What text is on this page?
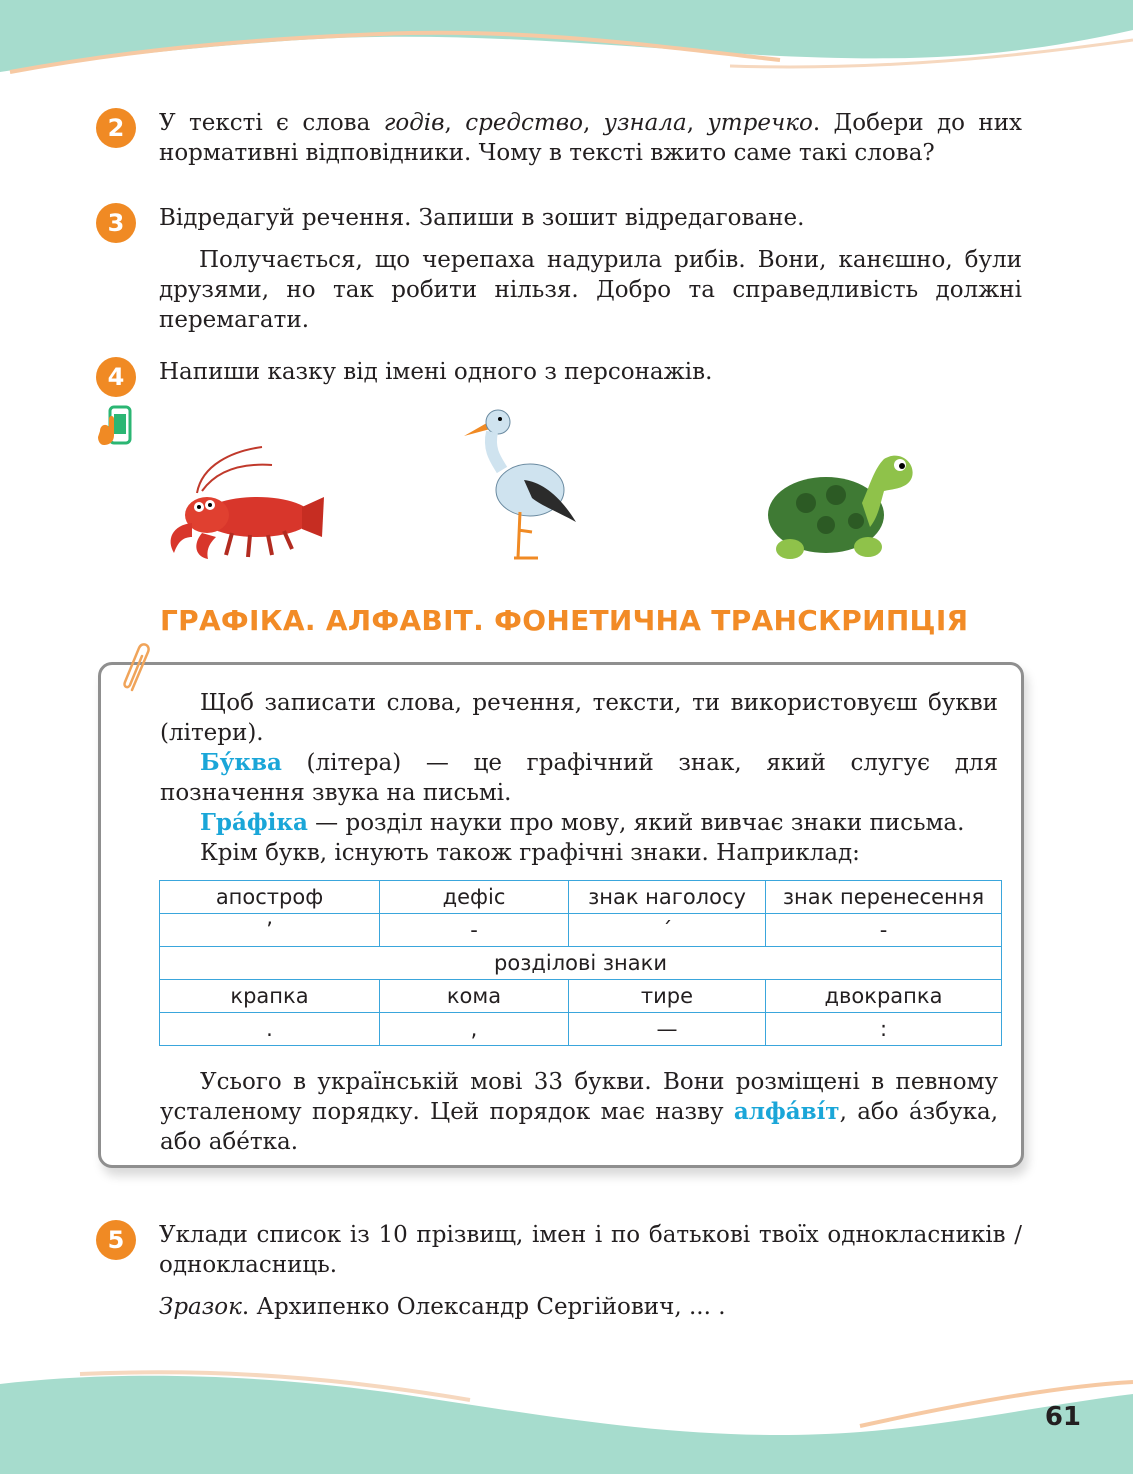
2	У тексті є слова годів, средство, узнала, утречко. Добери до них нормативні відповідники. Чому в тексті вжито саме такі слова?
3	Відредагуй речення. Запиши в зошит відредаговане.
Получається, що черепаха надурила рибів. Вони, канєшно, були друзями, но так робити нільзя. Добро та справедливість должні перемагати.
4	Напиши казку від імені одного з персонажів.
ГРАФІКА. АЛФАВІТ. ФОНЕТИЧНА ТРАНСКРИПЦІЯ
Щоб записати слова, речення, тексти, ти використовуєш букви (літери).
Бу́ква (літера) — це графічний знак, який слугує для позначення звука на письмі.
Гра́фіка — розділ науки про мову, який вивчає знаки письма.
Крім букв, існують також графічні знаки. Наприклад:
апостроф	дефіс	знак наголосу	знак перенесення
’	-	´	-
розділові знаки			
крапка	кома	тире	двокрапка
.	,	—	:
Усього в українській мові 33 букви. Вони розміщені в певному усталеному порядку. Цей порядок має назву алфа́ві́т, або а́збука, або абе́тка.
5	Уклади список із 10 прізвищ, імен і по батькові твоїх однокласників / однокласниць.
Зразок. Архипенко Олександр Сергійович, ... .
61
